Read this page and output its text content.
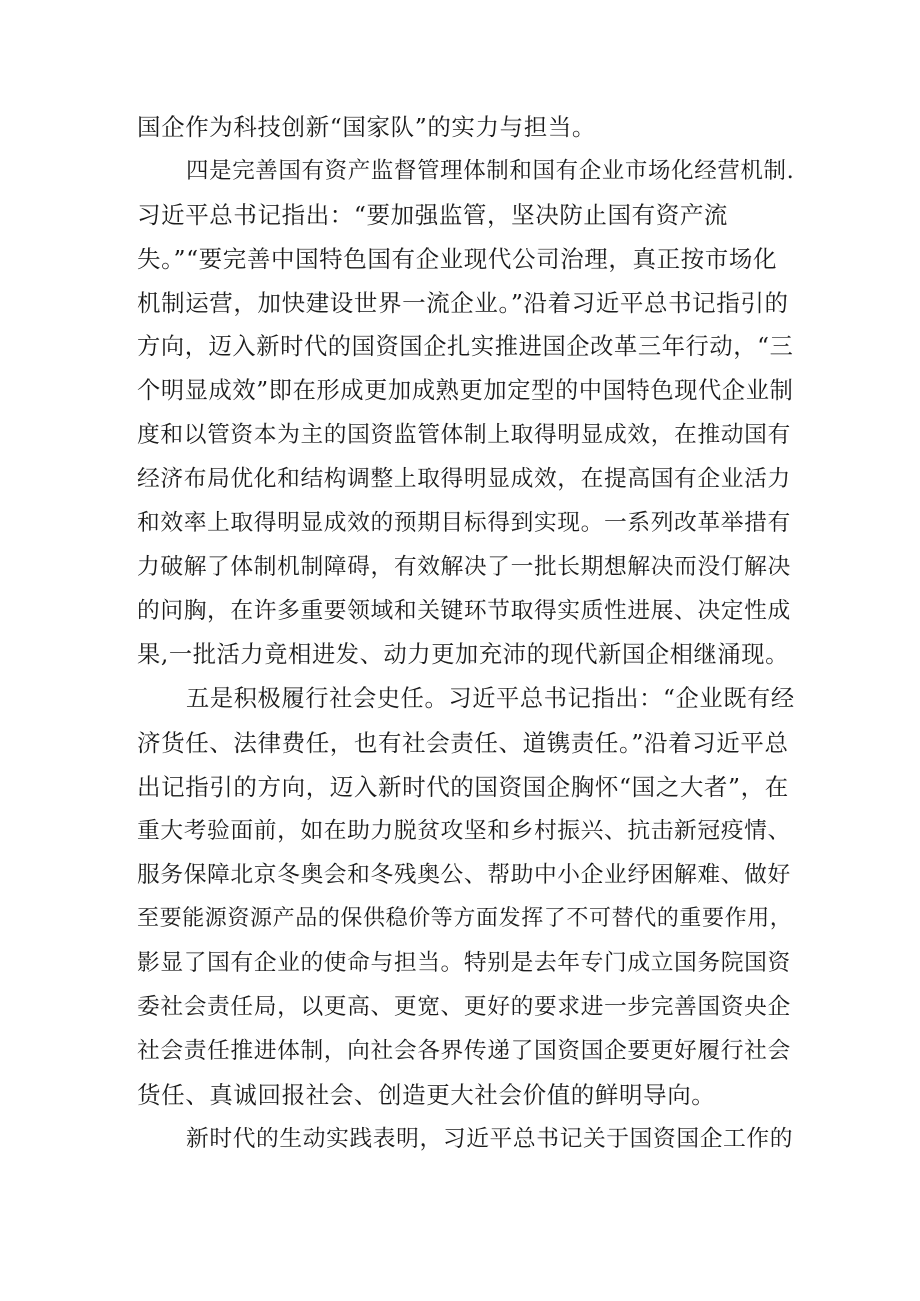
国企作为科技创新“国家队”的实力与担当。
四是完善国有资产监督管理体制和国有企业市场化经营机制.
习近平总书记指出：“要加强监管，坚决防止国有资产流
失。”“要完善中国特色国有企业现代公司治理，真正按市场化
机制运营，加快建设世界一流企业。”沿着习近平总书记指引的
方向，迈入新时代的国资国企扎实推进国企改革三年行动，“三
个明显成效”即在形成更加成熟更加定型的中国特色现代企业制
度和以管资本为主的国资监管体制上取得明显成效，在推动国有
经济布局优化和结构调整上取得明显成效，在提高国有企业活力
和效率上取得明显成效的预期目标得到实现。一系列改革举措有
力破解了体制机制障碍，有效解决了一批长期想解决而没仃解决
的问胸，在许多重要领域和关键环节取得实质性进展、决定性成
果,一批活力竟相进发、动力更加充沛的现代新国企相继涌现。
五是积极履行社会史任。习近平总书记指出：“企业既有经
济货任、法律费任，也有社会责任、道镌责任。”沿着习近平总
出记指引的方向，迈入新时代的国资国企胸怀“国之大者”，在
重大考验面前，如在助力脱贫攻坚和乡村振兴、抗击新冠疫情、
服务保障北京冬奥会和冬残奥公、帮助中小企业纾困解难、做好
至要能源资源产品的保供稳价等方面发挥了不可替代的重要作用，
影显了国有企业的使命与担当。特别是去年专门成立国务院国资
委社会责任局，以更高、更宽、更好的要求进一步完善国资央企
社会责任推进体制，向社会各界传递了国资国企要更好履行社会
货任、真诚回报社会、创造更大社会价值的鲜明导向。
新时代的生动实践表明，习近平总书记关于国资国企工作的
